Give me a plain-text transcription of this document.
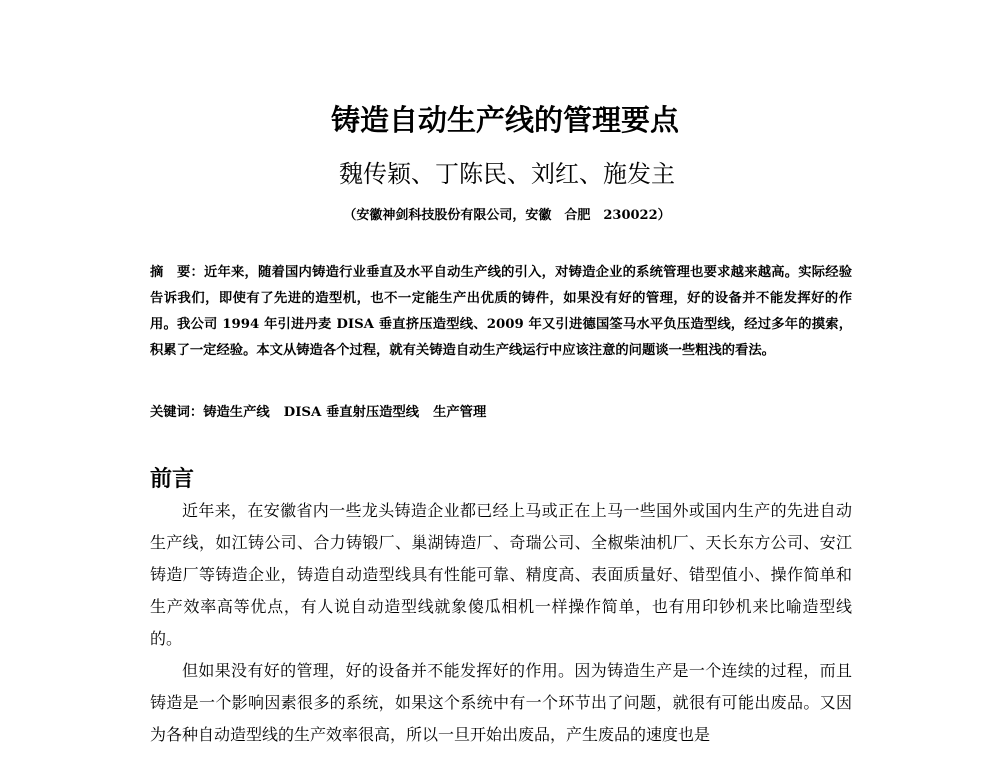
铸造自动生产线的管理要点
魏传颖、丁陈民、刘红、施发主
（安徽神剑科技股份有限公司，安徽　合肥　230022）
摘　要：近年来，随着国内铸造行业垂直及水平自动生产线的引入，对铸造企业的系统管理也要求越来越高。实际经验告诉我们，即使有了先进的造型机，也不一定能生产出优质的铸件，如果没有好的管理，好的设备并不能发挥好的作用。我公司 1994 年引进丹麦 DISA 垂直挤压造型线、2009 年又引进德国筌马水平负压造型线，经过多年的摸索，积累了一定经验。本文从铸造各个过程，就有关铸造自动生产线运行中应该注意的问题谈一些粗浅的看法。
关键词：铸造生产线 DISA 垂直射压造型线 生产管理
前言

近年来，在安徽省内一些龙头铸造企业都已经上马或正在上马一些国外或国内生产的先进自动生产线，如江铸公司、合力铸锻厂、巢湖铸造厂、奇瑞公司、全椒柴油机厂、天长东方公司、安江铸造厂等铸造企业，铸造自动造型线具有性能可靠、精度高、表面质量好、错型值小、操作简单和生产效率高等优点，有人说自动造型线就象傻瓜相机一样操作简单，也有用印钞机来比喻造型线的。

但如果没有好的管理，好的设备并不能发挥好的作用。因为铸造生产是一个连续的过程，而且铸造是一个影响因素很多的系统，如果这个系统中有一个环节出了问题，就很有可能出废品。又因为各种自动造型线的生产效率很高，所以一旦开始出废品，产生废品的速度也是
